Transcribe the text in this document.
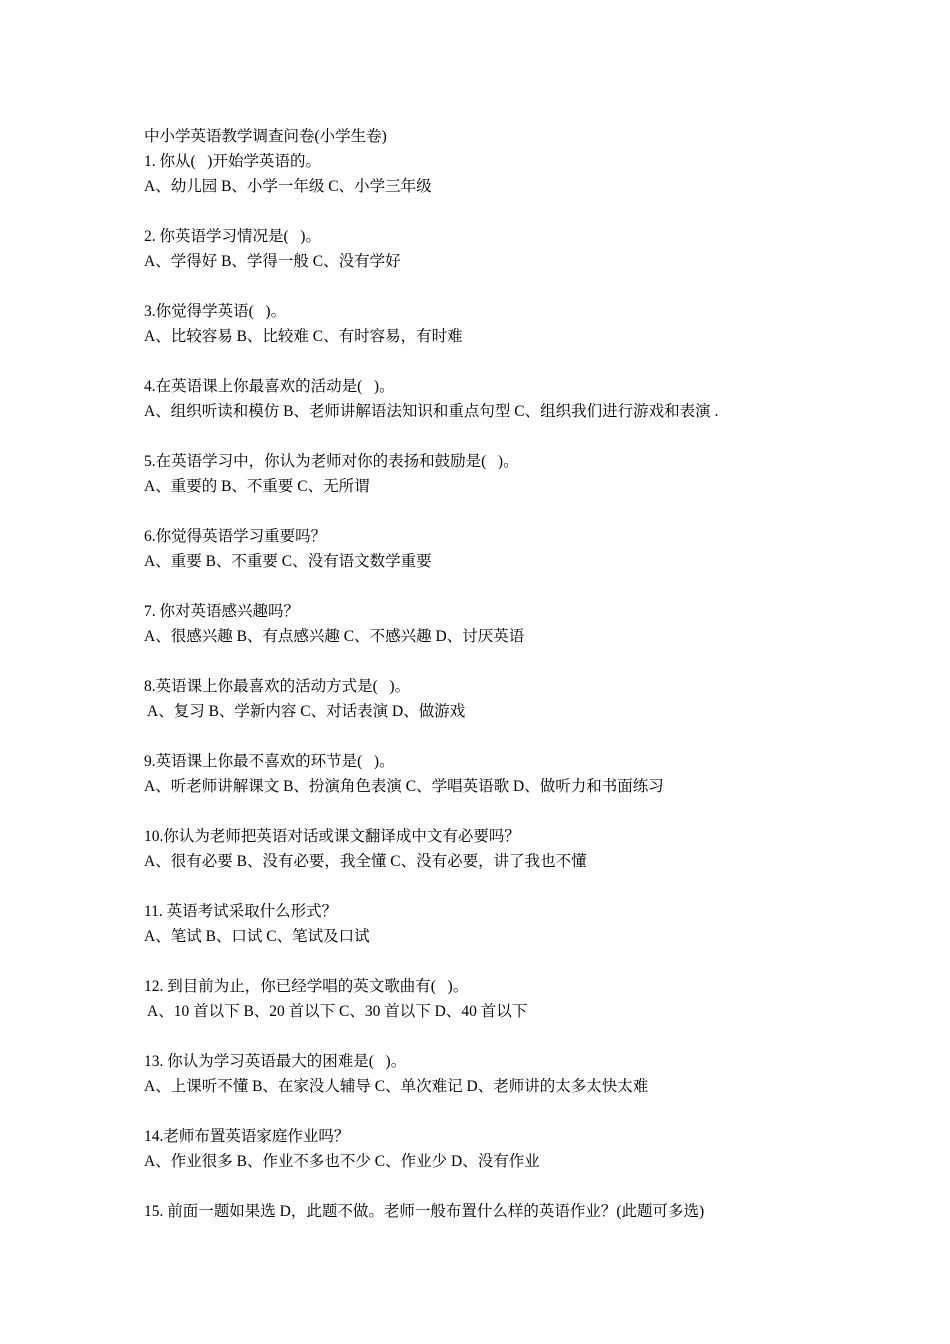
中小学英语教学调查问卷(小学生卷)

1. 你从(   )开始学英语的。

A、幼儿园 B、小学一年级 C、小学三年级

2. 你英语学习情况是(   )。

A、学得好 B、学得一般 C、没有学好

3.你觉得学英语(   )。

A、比较容易 B、比较难 C、有时容易，有时难

4.在英语课上你最喜欢的活动是(   )。

A、组织听读和模仿 B、老师讲解语法知识和重点句型 C、组织我们进行游戏和表演 .

5.在英语学习中，你认为老师对你的表扬和鼓励是(   )。

A、重要的 B、不重要 C、无所谓

6.你觉得英语学习重要吗？

A、重要 B、不重要 C、没有语文数学重要

7. 你对英语感兴趣吗？

A、很感兴趣 B、有点感兴趣 C、不感兴趣 D、讨厌英语

8.英语课上你最喜欢的活动方式是(   )。

A、复习 B、学新内容 C、对话表演 D、做游戏

9.英语课上你最不喜欢的环节是(   )。

A、听老师讲解课文 B、扮演角色表演 C、学唱英语歌 D、做听力和书面练习

10.你认为老师把英语对话或课文翻译成中文有必要吗？

A、很有必要 B、没有必要，我全懂 C、没有必要，讲了我也不懂

11. 英语考试采取什么形式？

A、笔试 B、口试 C、笔试及口试

12. 到目前为止，你已经学唱的英文歌曲有(   )。

A、10 首以下 B、20 首以下 C、30 首以下 D、40 首以下

13. 你认为学习英语最大的困难是(   )。

A、上课听不懂 B、在家没人辅导 C、单次难记 D、老师讲的太多太快太难

14.老师布置英语家庭作业吗？

A、作业很多 B、作业不多也不少 C、作业少 D、没有作业

15. 前面一题如果选 D，此题不做。老师一般布置什么样的英语作业？(此题可多选)
